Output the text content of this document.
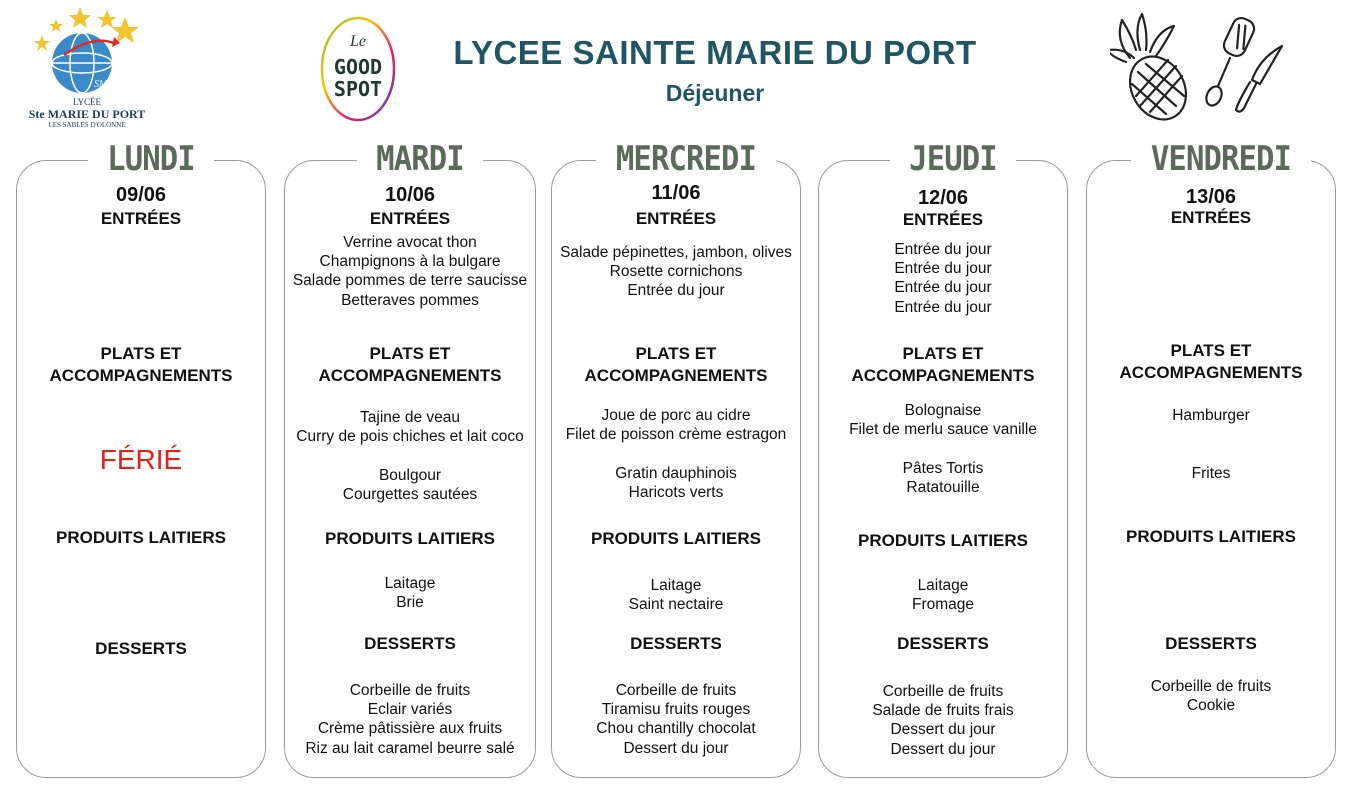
LYCEE SAINTE MARIE DU PORT
Déjeuner
SMP
LYCÉE
Ste MARIE DU PORT
LES SABLES D'OLONNE
Le
GOOD
SPOT
LUNDI
09/06
ENTRÉES
PLATS ET
ACCOMPAGNEMENTS
FÉRIÉ
PRODUITS LAITIERS
DESSERTS
MARDI
10/06
ENTRÉES
Verrine avocat thon
Champignons à la bulgare
Salade pommes de terre saucisse
Betteraves pommes
PLATS ET
ACCOMPAGNEMENTS
Tajine de veau
Curry de pois chiches et lait coco
Boulgour
Courgettes sautées
PRODUITS LAITIERS
Laitage
Brie
DESSERTS
Corbeille de fruits
Eclair variés
Crème pâtissière aux fruits
Riz au lait caramel beurre salé
MERCREDI
11/06
ENTRÉES
Salade pépinettes, jambon, olives
Rosette cornichons
Entrée du jour
PLATS ET
ACCOMPAGNEMENTS
Joue de porc au cidre
Filet de poisson crème estragon
Gratin dauphinois
Haricots verts
PRODUITS LAITIERS
Laitage
Saint nectaire
DESSERTS
Corbeille de fruits
Tiramisu fruits rouges
Chou chantilly chocolat
Dessert du jour
JEUDI
12/06
ENTRÉES
Entrée du jour
Entrée du jour
Entrée du jour
Entrée du jour
PLATS ET
ACCOMPAGNEMENTS
Bolognaise
Filet de merlu sauce vanille
Pâtes Tortis
Ratatouille
PRODUITS LAITIERS
Laitage
Fromage
DESSERTS
Corbeille de fruits
Salade de fruits frais
Dessert du jour
Dessert du jour
VENDREDI
13/06
ENTRÉES
PLATS ET
ACCOMPAGNEMENTS
Hamburger
Frites
PRODUITS LAITIERS
DESSERTS
Corbeille de fruits
Cookie
